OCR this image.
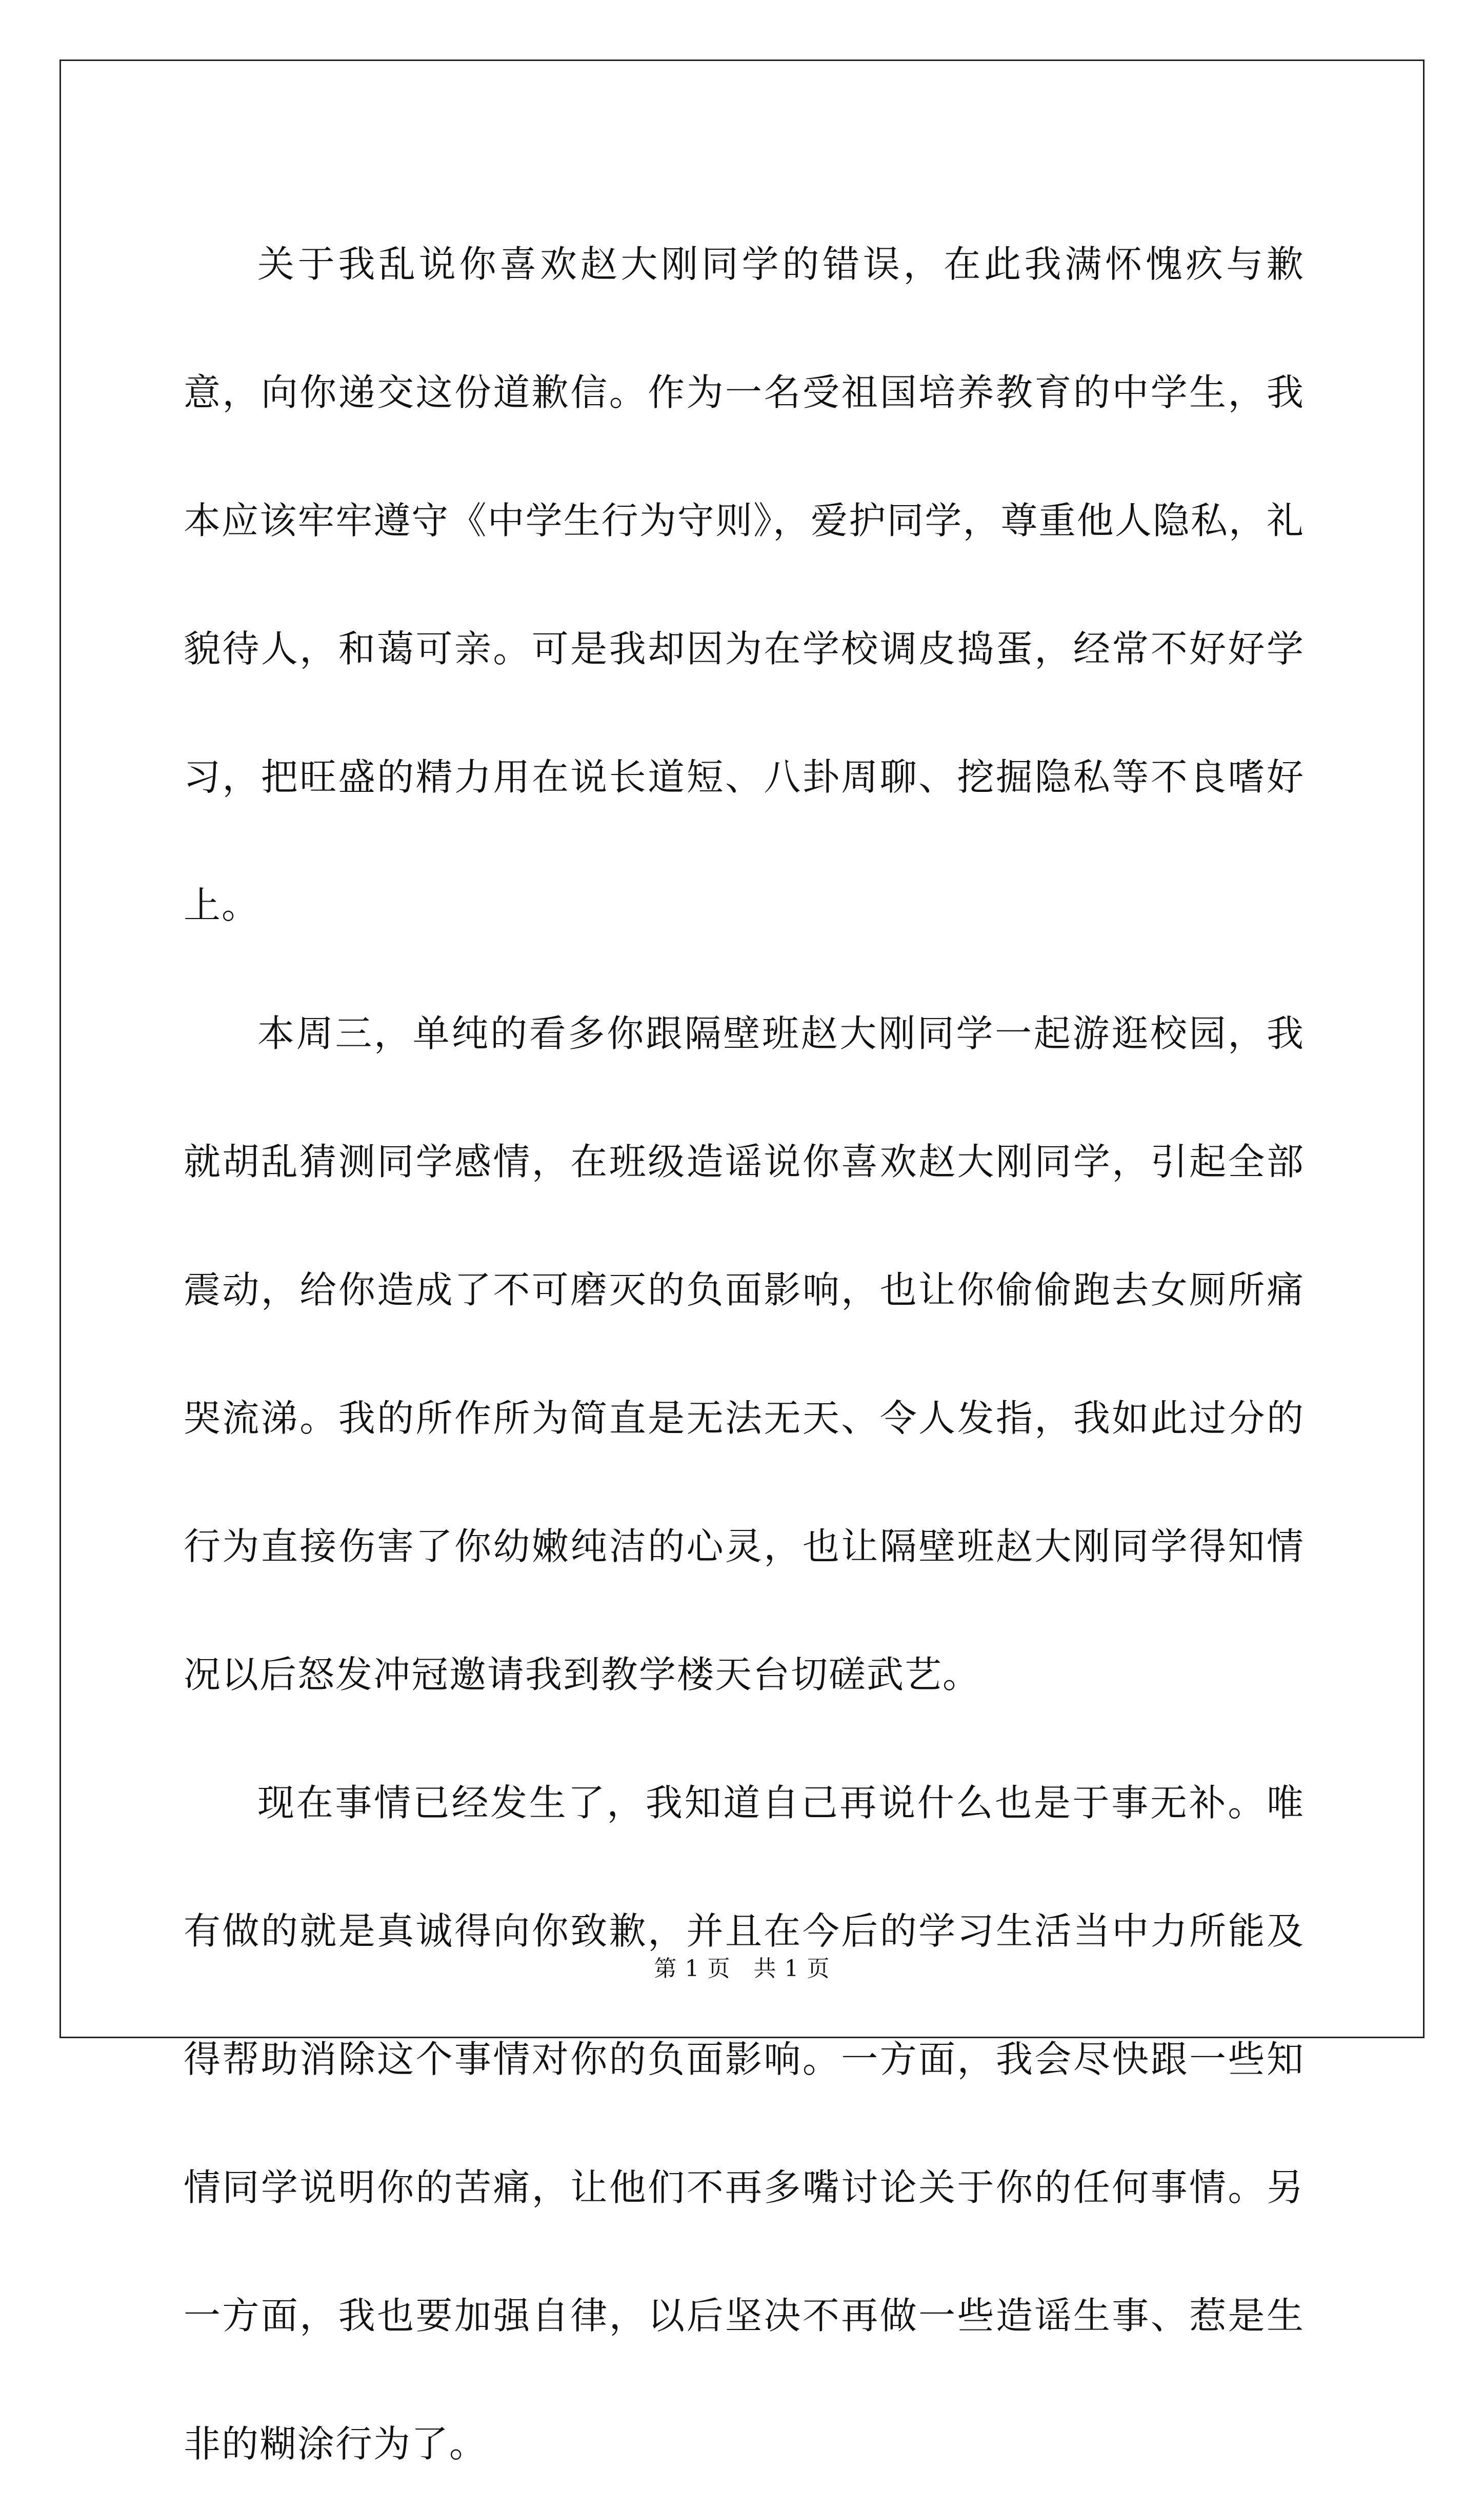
关于我乱说你喜欢赵大刚同学的错误，在此我满怀愧疚与歉意，向你递交这份道歉信。作为一名受祖国培养教育的中学生，我本应该牢牢遵守《中学生行为守则》，爱护同学，尊重他人隐私，礼貌待人，和蔼可亲。可是我却因为在学校调皮捣蛋，经常不好好学习，把旺盛的精力用在说长道短、八卦周聊、挖掘隐私等不良嗜好上。

本周三，单纯的看多你跟隔壁班赵大刚同学一起游逛校园，我就胡乱猜测同学感情，在班级造谣说你喜欢赵大刚同学，引起全部震动，给你造成了不可磨灭的负面影响，也让你偷偷跑去女厕所痛哭流涕。我的所作所为简直是无法无天、令人发指，我如此过分的行为直接伤害了你幼嫩纯洁的心灵，也让隔壁班赵大刚同学得知情况以后怒发冲冠邀请我到教学楼天台切磋武艺。

现在事情已经发生了，我知道自己再说什么也是于事无补。唯有做的就是真诚得向你致歉，并且在今后的学习生活当中力所能及得帮助消除这个事情对你的负面影响。一方面，我会尽快跟一些知情同学说明你的苦痛，让他们不再多嘴讨论关于你的任何事情。另一方面，我也要加强自律，以后坚决不再做一些造谣生事、惹是生非的糊涂行为了。

第 1 页　共 1 页
